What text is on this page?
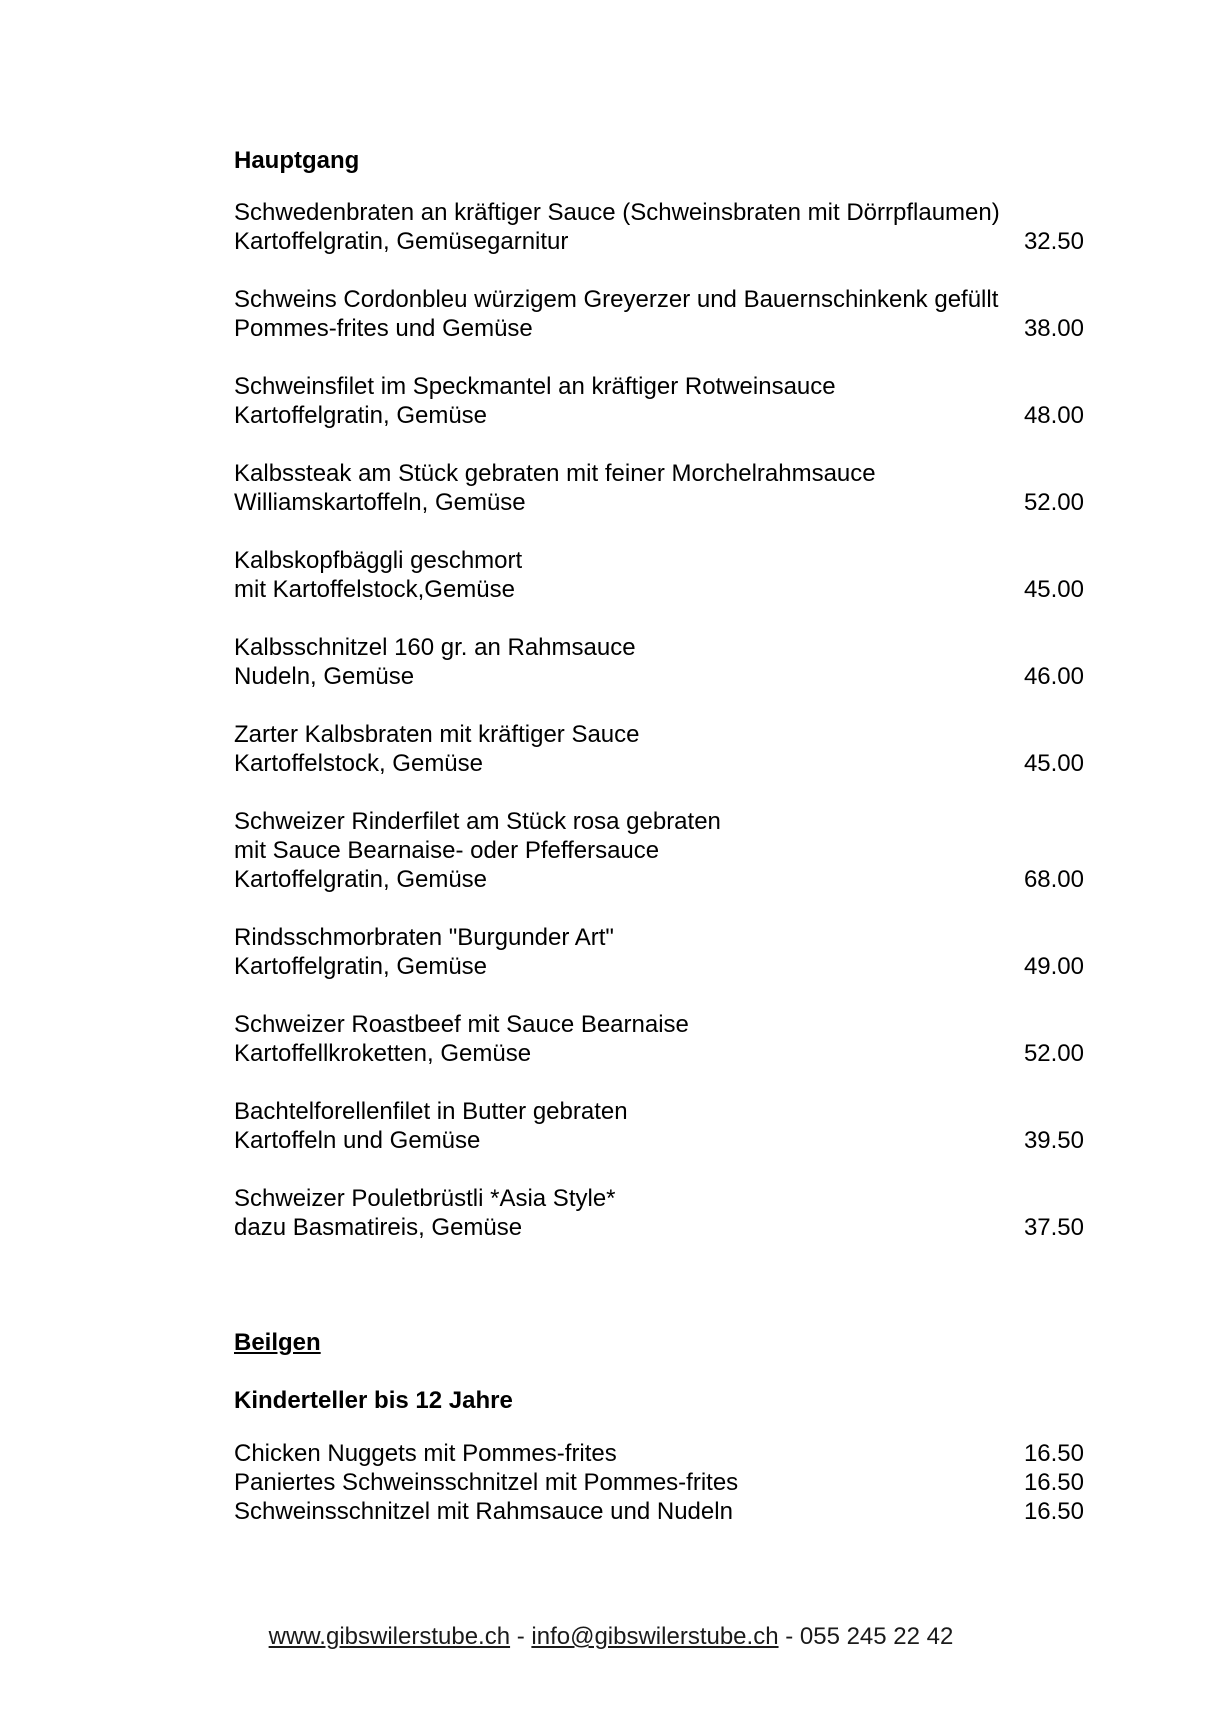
Hauptgang
Schwedenbraten an kräftiger Sauce (Schweinsbraten mit Dörrpflaumen)
Kartoffelgratin, Gemüsegarnitur	32.50
Schweins Cordonbleu würzigem Greyerzer und Bauernschinkenk gefüllt
Pommes-frites und Gemüse	38.00
Schweinsfilet im Speckmantel an kräftiger Rotweinsauce
Kartoffelgratin, Gemüse	48.00
Kalbssteak am Stück gebraten mit feiner Morchelrahmsauce
Williamskartoffeln, Gemüse	52.00
Kalbskopfbäggli geschmort
mit Kartoffelstock,Gemüse	45.00
Kalbsschnitzel 160 gr. an Rahmsauce
Nudeln, Gemüse	46.00
Zarter Kalbsbraten mit kräftiger Sauce
Kartoffelstock, Gemüse	45.00
Schweizer Rinderfilet am Stück rosa gebraten
mit Sauce Bearnaise- oder Pfeffersauce
Kartoffelgratin, Gemüse	68.00
Rindsschmorbraten "Burgunder Art"
Kartoffelgratin, Gemüse	49.00
Schweizer Roastbeef mit Sauce Bearnaise
Kartoffellkroketten, Gemüse	52.00
Bachtelforellenfilet in Butter gebraten
Kartoffeln und Gemüse	39.50
Schweizer Pouletbrüstli *Asia Style*
dazu Basmatireis, Gemüse	37.50
Beilgen
Kinderteller bis 12 Jahre
Chicken Nuggets mit Pommes-frites	16.50
Paniertes Schweinsschnitzel mit Pommes-frites	16.50
Schweinsschnitzel mit Rahmsauce und Nudeln	16.50
www.gibswilerstube.ch - info@gibswilerstube.ch - 055 245 22 42
